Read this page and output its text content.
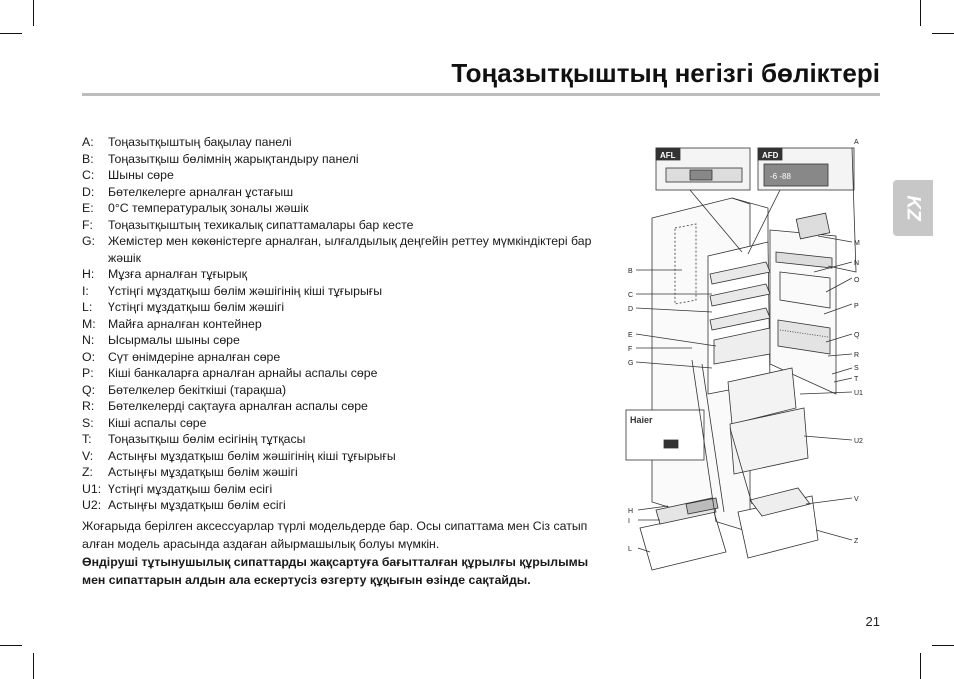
Тоңазытқыштың негізгі бөліктері
KZ
A:	Тоңазытқыштың бақылау панелі
B:	Тоңазытқыш бөлімнің жарықтандыру панелі
C:	Шыны сөре
D:	Бөтелкелерге арналған ұстағыш
E:	0°C температуралық зоналы жәшік
F:	Тоңазытқыштың техикалық сипаттамалары бар кесте
G:	Жемістер мен көкөністерге арналған, ылғалдылық деңгейін реттеу мүмкіндіктері бар жәшік
H:	Мұзға арналған тұғырық
I:	Үстіңгі мұздатқыш бөлім жәшігінің кіші тұғырығы
L:	Үстіңгі мұздатқыш бөлім жәшігі
M:	Майға арналған контейнер
N:	Ысырмалы шыны сөре
O:	Сүт өнімдеріне арналған сөре
P:	Кіші банкаларға арналған арнайы аспалы сөре
Q:	Бөтелкелер бекіткіші (тарақша)
R:	Бөтелкелерді сақтауға арналған аспалы сөре
S:	Кіші аспалы сөре
T:	Тоңазытқыш бөлім есігінің тұтқасы
V:	Астыңғы мұздатқыш бөлім жәшігінің кіші тұғырығы
Z:	Астыңғы мұздатқыш бөлім жәшігі
U1: Үстіңгі мұздатқыш бөлім есігі
U2: Астыңғы мұздатқыш бөлім есігі

Жоғарыда берілген аксессуарлар түрлі модельдерде бар. Осы сипаттама мен Сіз сатып алған модель арасында аздаған айырмашылық болуы мүмкін.

Өндіруші тұтынушылық сипаттарды жақсартуға бағытталған құрылғы құрылымы мен сипаттарын алдын ала ескертусіз өзгерту құқығын өзінде сақтайды.

AFL	AFD
-6 -88
Haier
B
C
D
E
F
G
H
I
L
A
M
N
O
P
Q
R
S
T
U1
U2
V
Z
21
